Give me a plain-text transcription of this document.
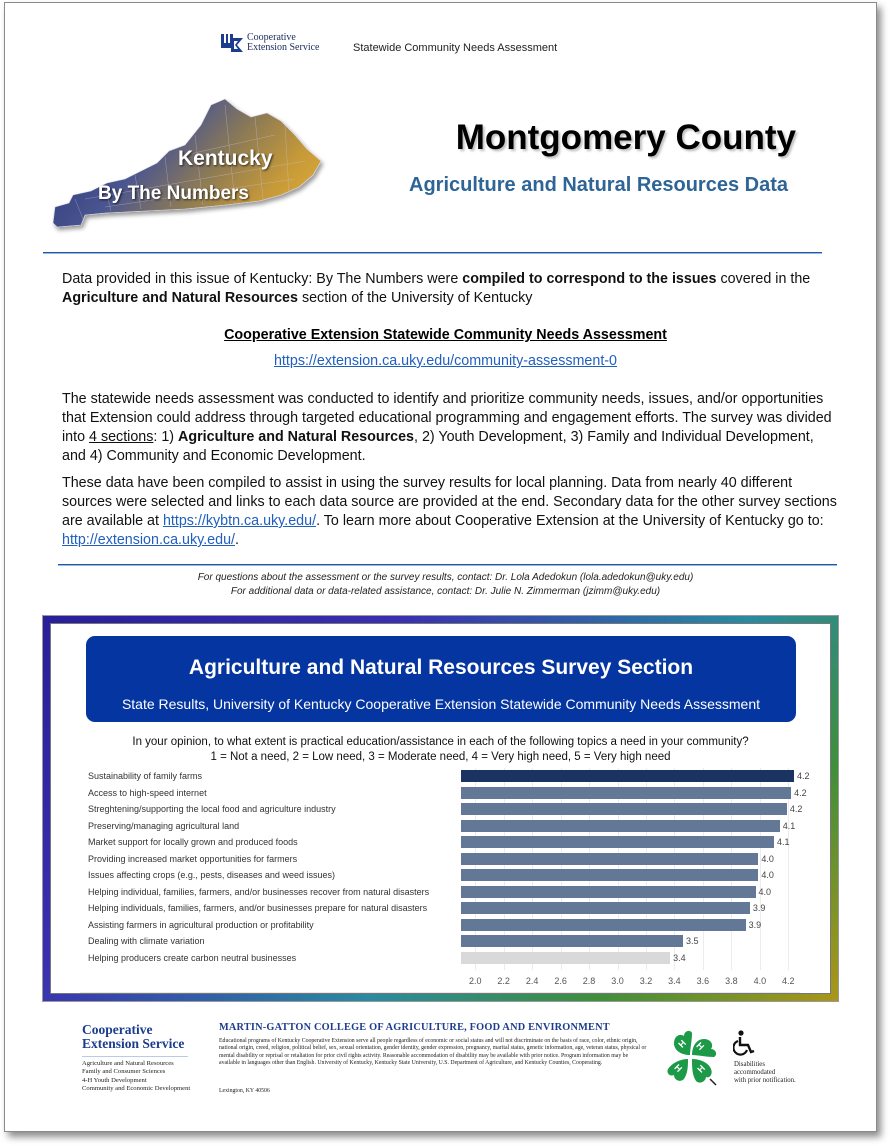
Cooperative
Extension Service	Statewide Community Needs Assessment
Kentucky
By The Numbers
Montgomery County
Agriculture and Natural Resources Data
Data provided in this issue of Kentucky: By The Numbers were compiled to correspond to the issues covered in the Agriculture and Natural Resources section of the University of Kentucky
Cooperative Extension Statewide Community Needs Assessment
https://extension.ca.uky.edu/community-assessment-0
The statewide needs assessment was conducted to identify and prioritize community needs, issues, and/or opportunities that Extension could address through targeted educational programming and engagement efforts. The survey was divided into 4 sections: 1) Agriculture and Natural Resources, 2) Youth Development, 3) Family and Individual Development, and 4) Community and Economic Development.
These data have been compiled to assist in using the survey results for local planning. Data from nearly 40 different sources were selected and links to each data source are provided at the end. Secondary data for the other survey sections are available at https://kybtn.ca.uky.edu/. To learn more about Cooperative Extension at the University of Kentucky go to: http://extension.ca.uky.edu/.
For questions about the assessment or the survey results, contact: Dr. Lola Adedokun (lola.adedokun@uky.edu)
For additional data or data-related assistance, contact: Dr. Julie N. Zimmerman (jzimm@uky.edu)
Agriculture and Natural Resources Survey Section
State Results, University of Kentucky Cooperative Extension Statewide Community Needs Assessment
In your opinion, to what extent is practical education/assistance in each of the following topics a need in your community?
1 = Not a need, 2 = Low need, 3 = Moderate need, 4 = Very high need, 5 = Very high need
2.0	2.2	2.4	2.6	2.8	3.0	3.2	3.4	3.6	3.8	4.0	4.2
Sustainability of family farms	4.2
Access to high-speed internet	4.2
Streghtening/supporting the local food and agriculture industry	4.2
Preserving/managing agricultural land	4.1
Market support for locally grown and produced foods	4.1
Providing increased market opportunities for farmers	4.0
Issues affecting crops (e.g., pests, diseases and weed issues)	4.0
Helping individual, families, farmers, and/or businesses recover from natural disasters	4.0
Helping individuals, families, farmers, and/or businesses prepare for natural disasters	3.9
Assisting farmers in agricultural production or profitability	3.9
Dealing with climate variation	3.5
Helping producers create carbon neutral businesses	3.4
Cooperative
Extension Service
Agriculture and Natural Resources
Family and Consumer Sciences
4-H Youth Development
Community and Economic Development
MARTIN-GATTON COLLEGE OF AGRICULTURE, FOOD AND ENVIRONMENT
Educational programs of Kentucky Cooperative Extension serve all people regardless of economic or social status and will not discriminate on the basis of race, color, ethnic origin, national origin, creed, religion, political belief, sex, sexual orientation, gender identity, gender expression, pregnancy, marital status, genetic information, age, veteran status, physical or mental disability or reprisal or retaliation for prior civil rights activity. Reasonable accommodation of disability may be available with prior notice. Program information may be available in languages other than English. University of Kentucky, Kentucky State University, U.S. Department of Agriculture, and Kentucky Counties, Cooperating.
Lexington, KY 40506
H H
H H	Disabilities
accommodated
with prior notification.
